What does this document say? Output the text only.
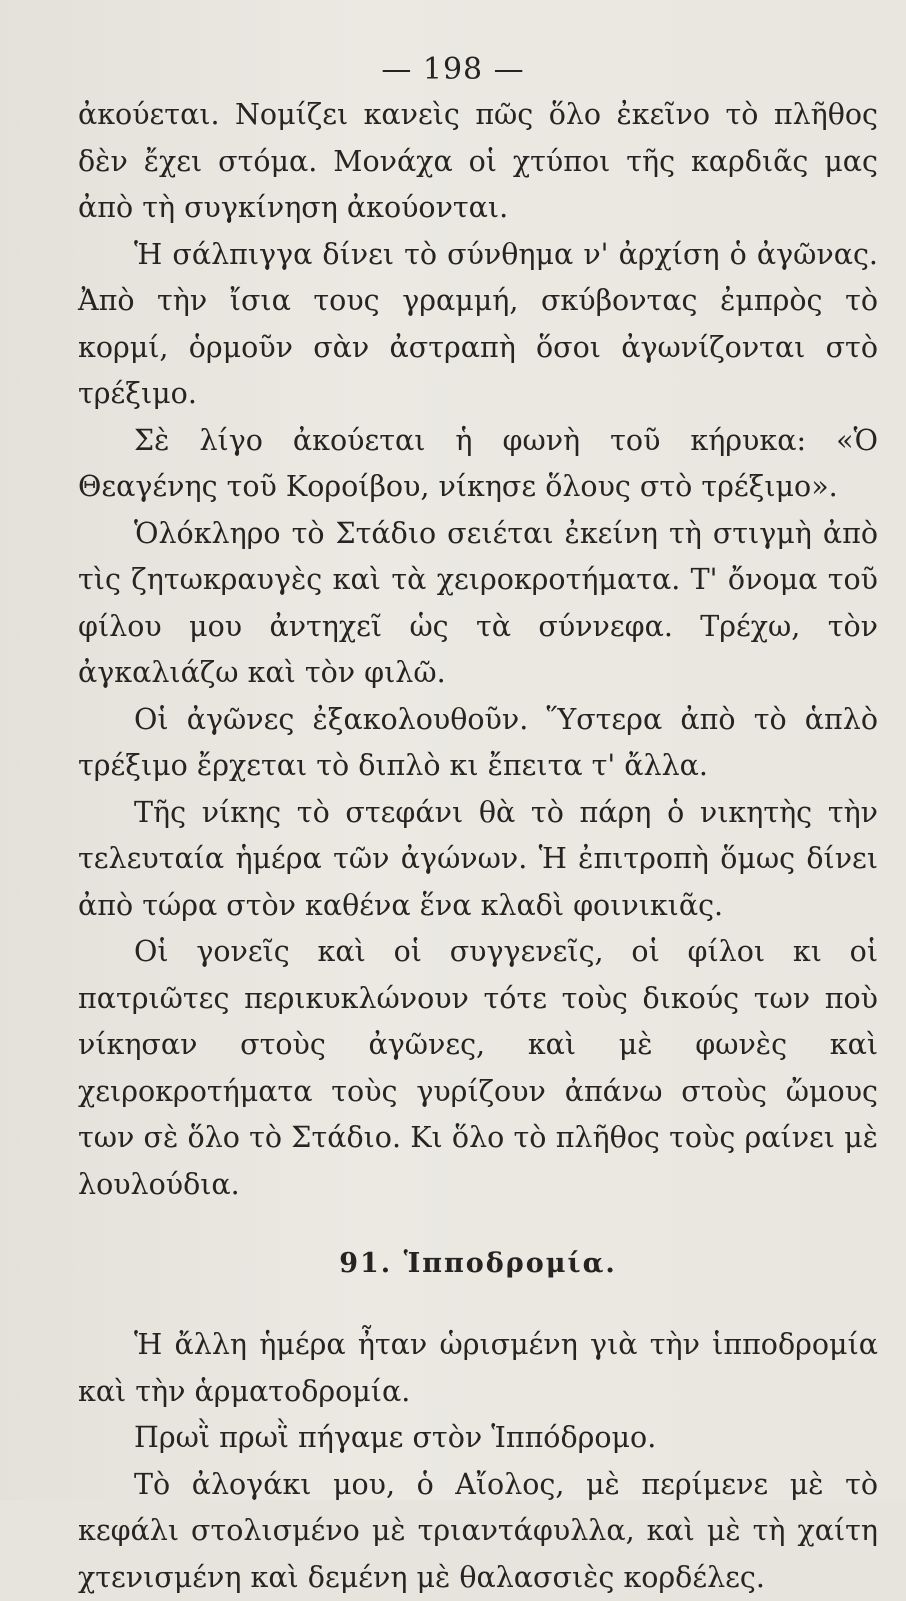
— 198 —

ἀκούεται. Νομίζει κανεὶς πῶς ὅλο ἐκεῖνο τὸ πλῆθος δὲν ἔχει στόμα. Μονάχα οἱ χτύποι τῆς καρδιᾶς μας ἀπὸ τὴ συγκίνηση ἀκούονται.

Ἡ σάλπιγγα δίνει τὸ σύνθημα ν' ἀρχίση ὁ ἀγῶνας. Ἀπὸ τὴν ἴσια τους γραμμή, σκύβοντας ἐμπρὸς τὸ κορμί, ὁρμοῦν σὰν ἀστραπὴ ὅσοι ἀγωνίζονται στὸ τρέξιμο.

Σὲ λίγο ἀκούεται ἡ φωνὴ τοῦ κήρυκα: «Ὁ Θεαγένης τοῦ Κορoίβου, νίκησε ὅλους στὸ τρέξιμο».

Ὁλόκληρο τὸ Στάδιο σειέται ἐκείνη τὴ στιγμὴ ἀπὸ τὶς ζητωκραυγὲς καὶ τὰ χειροκροτήματα. Τ' ὄνομα τοῦ φίλου μου ἀντηχεῖ ὡς τὰ σύννεφα. Τρέχω, τὸν ἀγκαλιάζω καὶ τὸν φιλῶ.

Οἱ ἀγῶνες ἐξακολουθοῦν. Ὕστερα ἀπὸ τὸ ἁπλὸ τρέξιμο ἔρχεται τὸ διπλὸ κι ἔπειτα τ' ἄλλα.

Τῆς νίκης τὸ στεφάνι θὰ τὸ πάρη ὁ νικητὴς τὴν τελευταία ἡμέρα τῶν ἀγώνων. Ἡ ἐπιτροπὴ ὅμως δίνει ἀπὸ τώρα στὸν καθένα ἕνα κλαδὶ φοινικιᾶς.

Οἱ γονεῖς καὶ οἱ συγγενεῖς, οἱ φίλοι κι οἱ πατριῶτες περικυκλώνουν τότε τοὺς δικούς των ποὺ νίκησαν στοὺς ἀγῶνες, καὶ μὲ φωνὲς καὶ χειροκροτήματα τοὺς γυρίζουν ἀπάνω στοὺς ὤμους των σὲ ὅλο τὸ Στάδιο. Κι ὅλο τὸ πλῆθος τοὺς ραίνει μὲ λουλούδια.

91. Ἱπποδρομία.

Ἡ ἄλλη ἡμέρα ἦταν ὡρισμένη γιὰ τὴν ἱπποδρομία καὶ τὴν ἁρματοδρομία.

Πρωῒ πρωῒ πήγαμε στὸν Ἱππόδρομο.

Τὸ ἀλογάκι μου, ὁ Αἴολος, μὲ περίμενε μὲ τὸ κεφάλι στολισμένο μὲ τριαντάφυλλα, καὶ μὲ τὴ χαίτη χτενισμένη καὶ δεμένη μὲ θαλασσιὲς κορδέλες.
